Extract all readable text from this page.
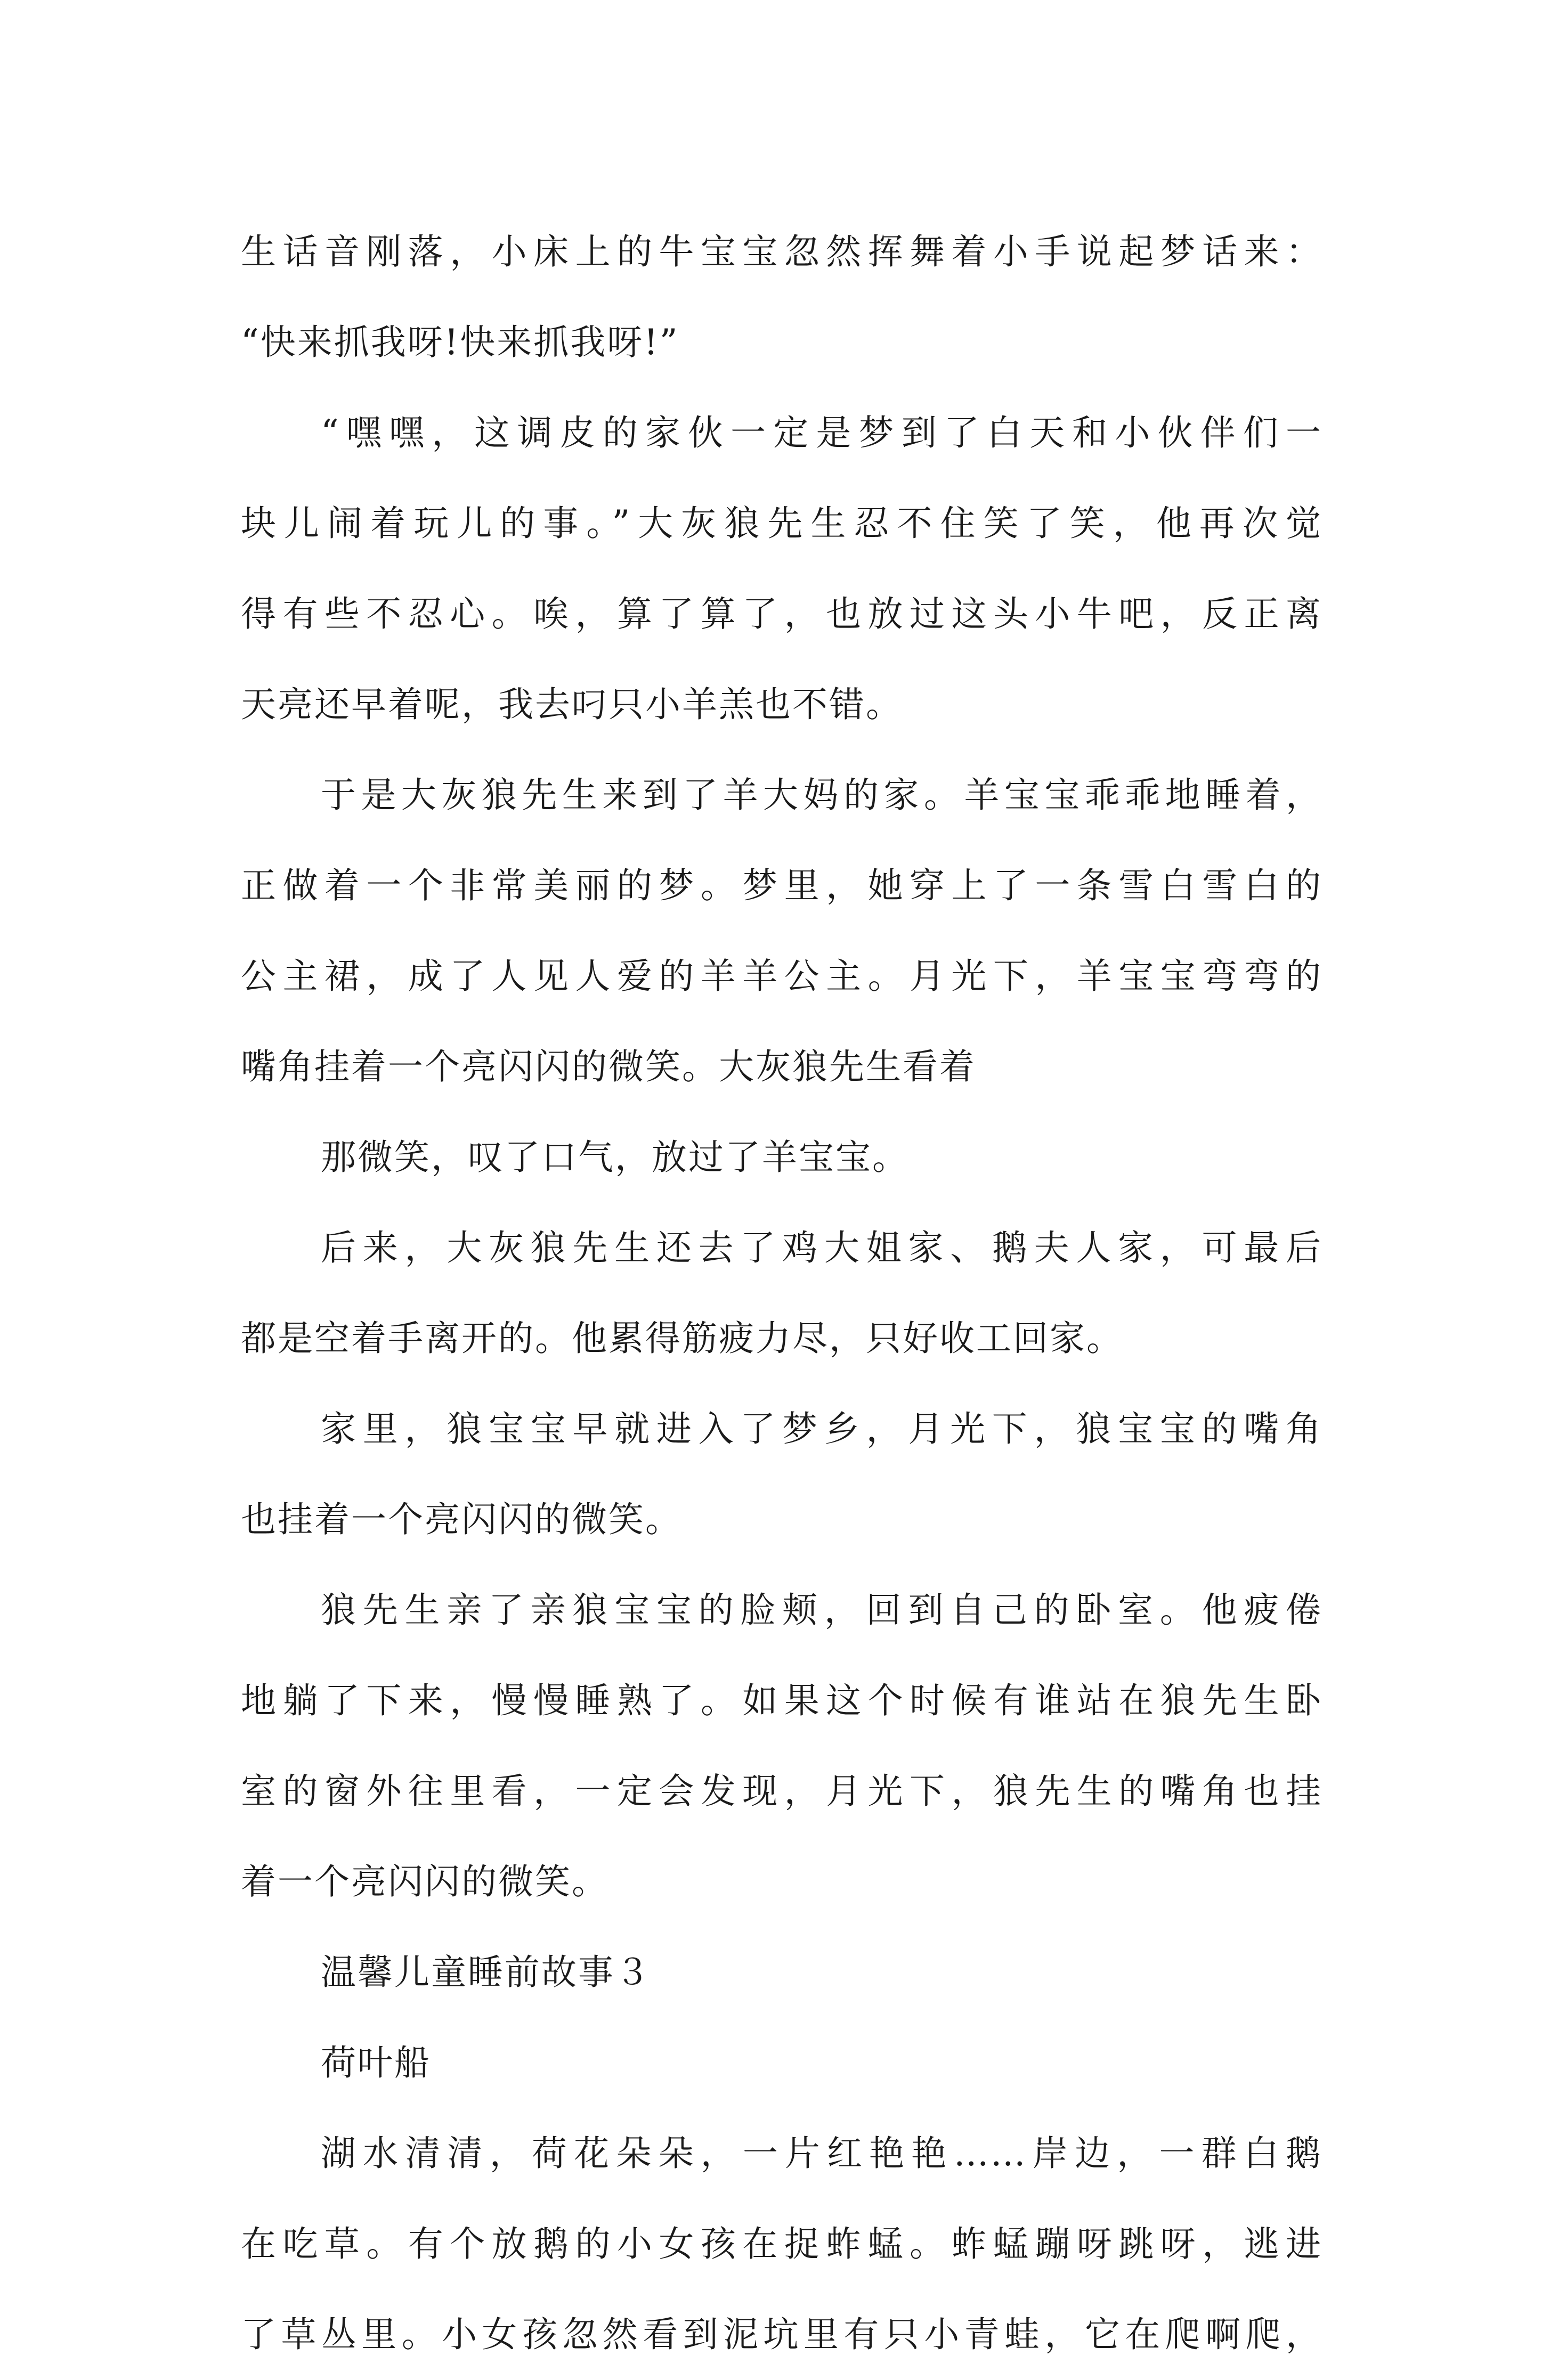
生话音刚落，小床上的牛宝宝忽然挥舞着小手说起梦话来：
“快来抓我呀!快来抓我呀!”
“嘿嘿，这调皮的家伙一定是梦到了白天和小伙伴们一
块儿闹着玩儿的事。”大灰狼先生忍不住笑了笑，他再次觉
得有些不忍心。唉，算了算了，也放过这头小牛吧，反正离
天亮还早着呢，我去叼只小羊羔也不错。
于是大灰狼先生来到了羊大妈的家。羊宝宝乖乖地睡着，
正做着一个非常美丽的梦。梦里，她穿上了一条雪白雪白的
公主裙，成了人见人爱的羊羊公主。月光下，羊宝宝弯弯的
嘴角挂着一个亮闪闪的微笑。大灰狼先生看着
那微笑，叹了口气，放过了羊宝宝。
后来，大灰狼先生还去了鸡大姐家、鹅夫人家，可最后
都是空着手离开的。他累得筋疲力尽，只好收工回家。
家里，狼宝宝早就进入了梦乡，月光下，狼宝宝的嘴角
也挂着一个亮闪闪的微笑。
狼先生亲了亲狼宝宝的脸颊，回到自己的卧室。他疲倦
地躺了下来，慢慢睡熟了。如果这个时候有谁站在狼先生卧
室的窗外往里看，一定会发现，月光下，狼先生的嘴角也挂
着一个亮闪闪的微笑。
温馨儿童睡前故事３
荷叶船
湖水清清，荷花朵朵，一片红艳艳……岸边，一群白鹅
在吃草。有个放鹅的小女孩在捉蚱蜢。蚱蜢蹦呀跳呀，逃进
了草丛里。小女孩忽然看到泥坑里有只小青蛙，它在爬啊爬，
